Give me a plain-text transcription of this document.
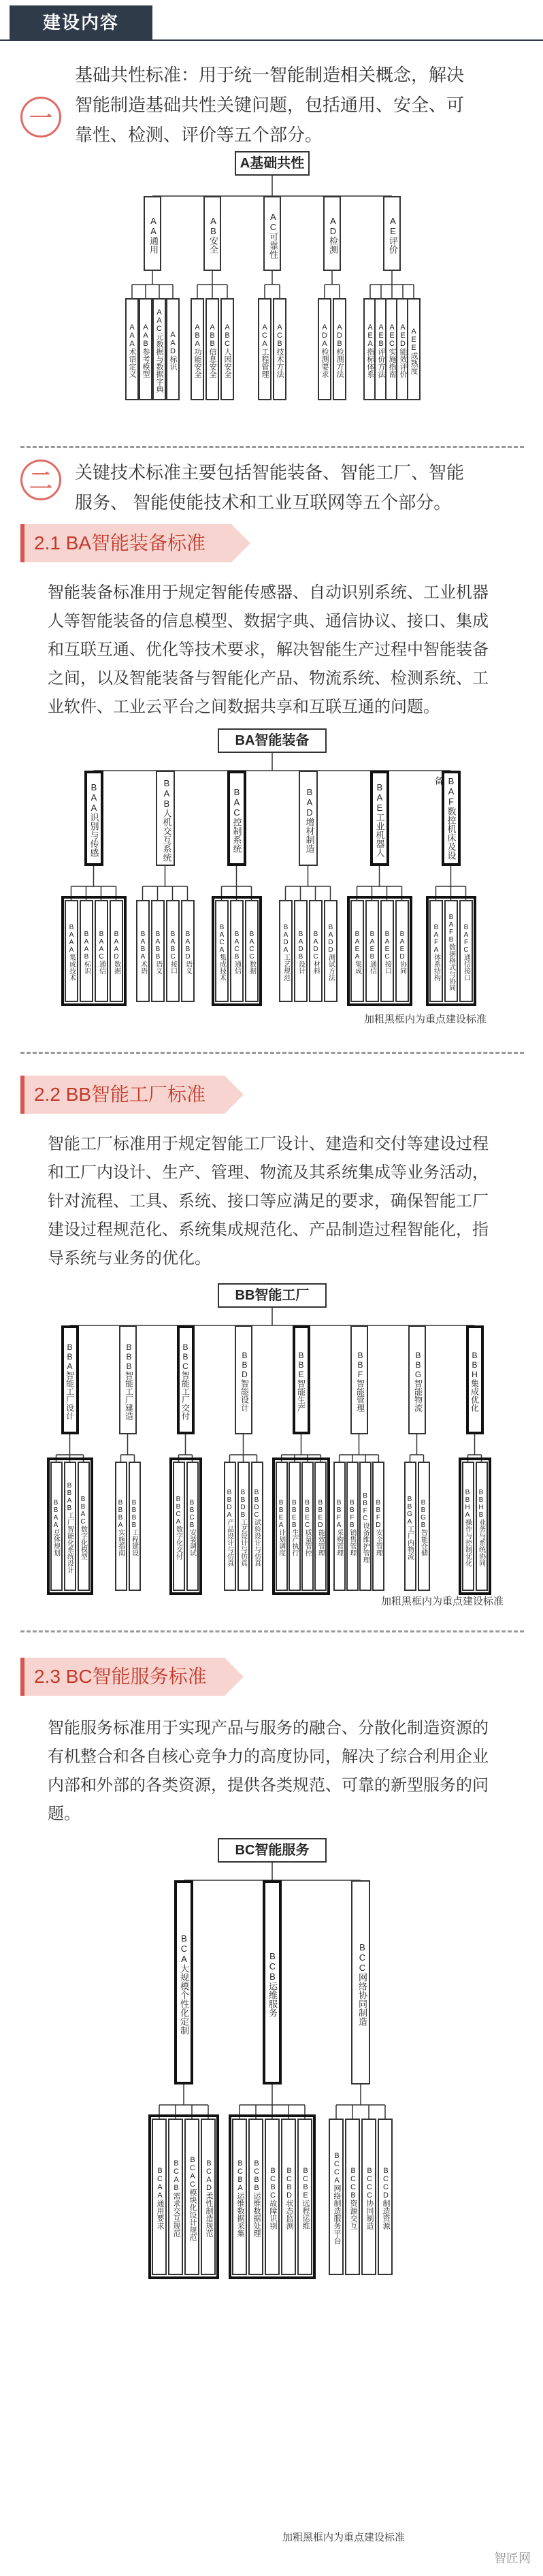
建设内容
一
基础共性标准：用于统一智能制造相关概念，解决
智能制造基础共性关键问题，包括通用、安全、可
靠性、检测、评价等五个部分。
A基础共性
AA通用
AAA术语定义 AAB参考模型 AAC元数据与数据字典 AAD标识
AB安全
ABA功能安全 ABB信息安全 ABC人因安全
AC可靠性
ACA工程管理 ACB技术方法
AD检测
ADA检测要求 ADB检测方法
AE评价
AEA指标体系 AEB评价方法 AEC实施指南 AED能效评价 AEE成熟度
二	关键技术标准主要包括智能装备、智能工厂、智能
服务、 智能使能技术和工业互联网等五个部分。
2.1 BA智能装备标准
智能装备标准用于规定智能传感器、自动识别系统、工业机器
人等智能装备的信息模型、数据字典、通信协议、接口、集成
和互联互通、优化等技术要求，解决智能生产过程中智能装备
之间，以及智能装备与智能化产品、物流系统、检测系统、工
业软件、工业云平台之间数据共享和互联互通的问题。
BA智能装备
BAA识别与传感
BAAA集成技术	BAAB标识	BAAC通信	BAAD数据
BAB人机交互系统
BABA术语	BABB语义	BABC接口	BABD语义
BAC控制系统
BACA集成技术	BACB通信	BACC数据
BAD增材制造
BADA工艺规范	BADB设计	BADC材料	BADD测试方法
BAE工业机器人
BAEA集成	BAEB通信	BAEC接口	BAED协同
BAF数控机床及设备
BAFA体系结构	BAFB数据格式与协同	BAFC通信接口
加粗黑框内为重点建设标准
2.2 BB智能工厂标准
智能工厂标准用于规定智能工厂设计、建造和交付等建设过程
和工厂内设计、生产、管理、物流及其系统集成等业务活动，
针对流程、工具、系统、接口等应满足的要求，确保智能工厂
建设过程规范化、系统集成规范化、产品制造过程智能化，指
导系统与业务的优化。
BB智能工厂
BBA智能工厂设计
BBAA总体规划 BBAB工厂智能化系统设计 BBAC数字化模型
BBB智能工厂建造
BBBA实施指南 BBBB工程建设
BBC智能工厂交付
BBCA数字化交付 BBCB安装调试
BBD智能设计
BBDA产品设计与仿真 BBDB工艺设计与仿真 BBDC试验设计与仿真
BBE智能生产
BBEA计划调度 BBEB生产执行 BBEC质量管控 BBED能效管理
BBF智能管理
BBFA采购管理 BBFB销售管理 BBFC设备维护管理 BBFD安全管理
BBG智能物流
BBGA工厂内物流 BBGB智能仓储
BBH集成优化
BBHA操作与控制优化 BBHB业务与系统协同
加粗黑框内为重点建设标准
2.3 BC智能服务标准
智能服务标准用于实现产品与服务的融合、分散化制造资源的
有机整合和各自核心竞争力的高度协同，解决了综合利用企业
内部和外部的各类资源，提供各类规范、可靠的新型服务的问
题。
BC智能服务
BCA大规模个性化定制
BCAA通用要求	BCAB需求交互规范	BCAC模块化设计规范	BCAD柔性制造规范
BCB运维服务
BCBA运维数据采集	BCBB运维数据处理	BCBC故障识别	BCBD状态监测	BCBE远程运维
BCC网络协同制造
BCCA网络制造服务平台	BCCB资源交互	BCCC协同制造	BCCD制造资源
加粗黑框内为重点建设标准
智匠网
